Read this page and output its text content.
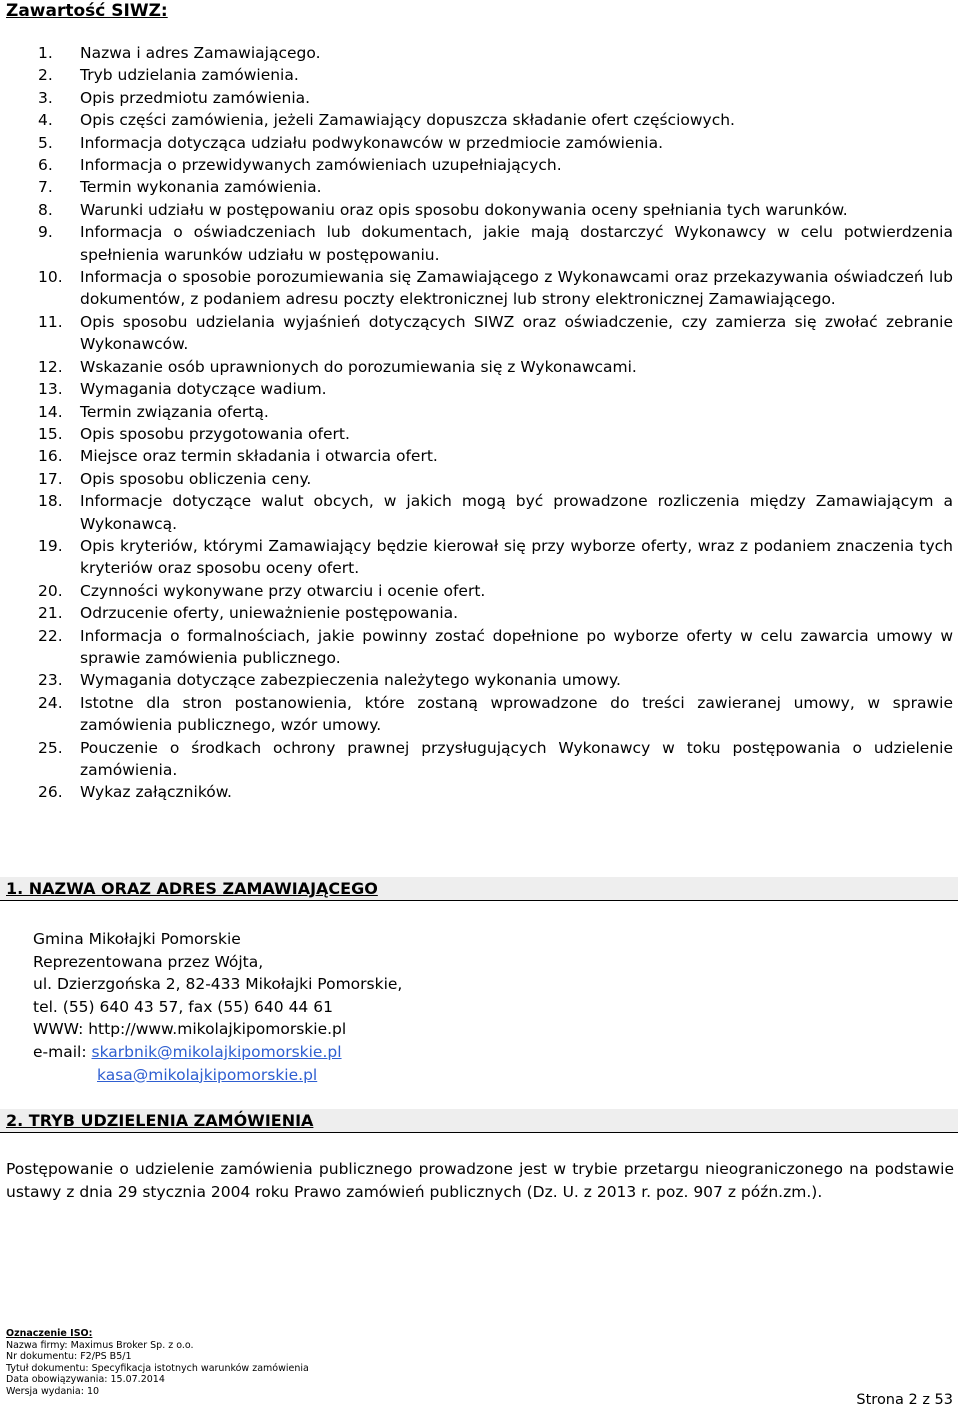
Zawartość SIWZ:
1.	Nazwa i adres Zamawiającego.
2.	Tryb udzielania zamówienia.
3.	Opis przedmiotu zamówienia.
4.	Opis części zamówienia, jeżeli Zamawiający dopuszcza składanie ofert częściowych.
5.	Informacja dotycząca udziału podwykonawców w przedmiocie zamówienia.
6.	Informacja o przewidywanych zamówieniach uzupełniających.
7.	Termin wykonania zamówienia.
8.	Warunki udziału w postępowaniu oraz opis sposobu dokonywania oceny spełniania tych warunków.
9.	Informacja o oświadczeniach lub dokumentach, jakie mają dostarczyć Wykonawcy w celu potwierdzenia spełnienia warunków udziału w postępowaniu.
10.	Informacja o sposobie porozumiewania się Zamawiającego z Wykonawcami oraz przekazywania oświadczeń lub dokumentów, z podaniem adresu poczty elektronicznej lub strony elektronicznej Zamawiającego.
11.	Opis sposobu udzielania wyjaśnień dotyczących SIWZ oraz oświadczenie, czy zamierza się zwołać zebranie Wykonawców.
12.	Wskazanie osób uprawnionych do porozumiewania się z Wykonawcami.
13.	Wymagania dotyczące wadium.
14.	Termin związania ofertą.
15.	Opis sposobu przygotowania ofert.
16.	Miejsce oraz termin składania i otwarcia ofert.
17.	Opis sposobu obliczenia ceny.
18.	Informacje dotyczące walut obcych, w jakich mogą być prowadzone rozliczenia między Zamawiającym a Wykonawcą.
19.	Opis kryteriów, którymi Zamawiający będzie kierował się przy wyborze oferty, wraz z podaniem znaczenia tych kryteriów oraz sposobu oceny ofert.
20.	Czynności wykonywane przy otwarciu i ocenie ofert.
21.	Odrzucenie oferty, unieważnienie postępowania.
22.	Informacja o formalnościach, jakie powinny zostać dopełnione po wyborze oferty w celu zawarcia umowy w sprawie zamówienia publicznego.
23.	Wymagania dotyczące zabezpieczenia należytego wykonania umowy.
24.	Istotne dla stron postanowienia, które zostaną wprowadzone do treści zawieranej umowy, w sprawie zamówienia publicznego, wzór umowy.
25.	Pouczenie o środkach ochrony prawnej przysługujących Wykonawcy w toku postępowania o udzielenie zamówienia.
26.	Wykaz załączników.
1. NAZWA ORAZ ADRES ZAMAWIAJĄCEGO
Gmina Mikołajki Pomorskie
Reprezentowana przez Wójta,
ul. Dzierzgońska 2, 82-433 Mikołajki Pomorskie,
tel. (55) 640 43 57, fax (55) 640 44 61
WWW: http://www.mikolajkipomorskie.pl
e-mail: skarbnik@mikolajkipomorskie.pl
kasa@mikolajkipomorskie.pl
2. TRYB UDZIELENIA ZAMÓWIENIA
Postępowanie o udzielenie zamówienia publicznego prowadzone jest w trybie przetargu nieograniczonego na podstawie ustawy z dnia 29 stycznia 2004 roku Prawo zamówień publicznych (Dz. U. z 2013 r. poz. 907 z późn.zm.).
Oznaczenie ISO:
Nazwa firmy: Maximus Broker Sp. z o.o.
Nr dokumentu: F2/PS B5/1
Tytuł dokumentu: Specyfikacja istotnych warunków zamówienia
Data obowiązywania: 15.07.2014
Wersja wydania: 10
Strona 2 z 53
